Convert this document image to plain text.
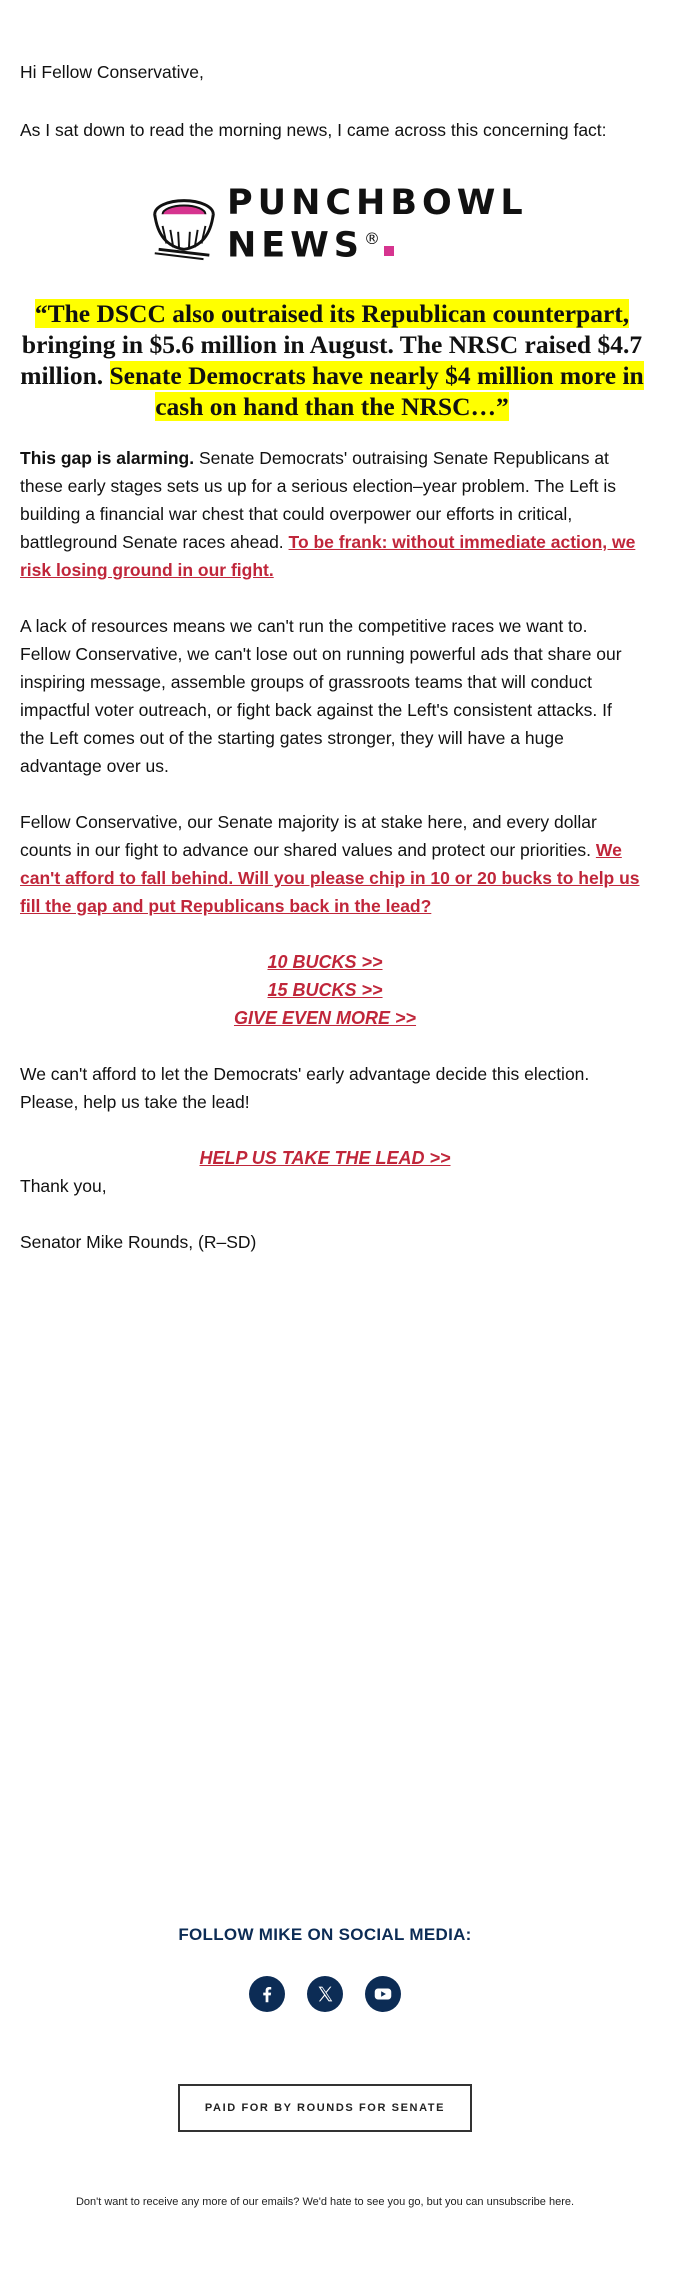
Hi Fellow Conservative,

As I sat down to read the morning news, I came across this concerning fact:

PUNCHBOWL
NEWS®
“The DSCC also outraised its Republican counterpart, bringing in $5.6 million in August. The NRSC raised $4.7 million. Senate Democrats have nearly $4 million more in cash on hand than the NRSC…”

This gap is alarming. Senate Democrats' outraising Senate Republicans at these early stages sets us up for a serious election–year problem. The Left is building a financial war chest that could overpower our efforts in critical, battleground Senate races ahead. To be frank: without immediate action, we risk losing ground in our fight.

A lack of resources means we can't run the competitive races we want to. Fellow Conservative, we can't lose out on running powerful ads that share our inspiring message, assemble groups of grassroots teams that will conduct impactful voter outreach, or fight back against the Left's consistent attacks. If the Left comes out of the starting gates stronger, they will have a huge advantage over us.

Fellow Conservative, our Senate majority is at stake here, and every dollar counts in our fight to advance our shared values and protect our priorities. We can't afford to fall behind. Will you please chip in 10 or 20 bucks to help us fill the gap and put Republicans back in the lead?

10 BUCKS >>
15 BUCKS >>
GIVE EVEN MORE >>

We can't afford to let the Democrats' early advantage decide this election. Please, help us take the lead!

HELP US TAKE THE LEAD >>

Thank you,

Senator Mike Rounds, (R–SD)

FOLLOW MIKE ON SOCIAL MEDIA:
PAID FOR BY ROUNDS FOR SENATE
Don't want to receive any more of our emails? We'd hate to see you go, but you can unsubscribe here.
